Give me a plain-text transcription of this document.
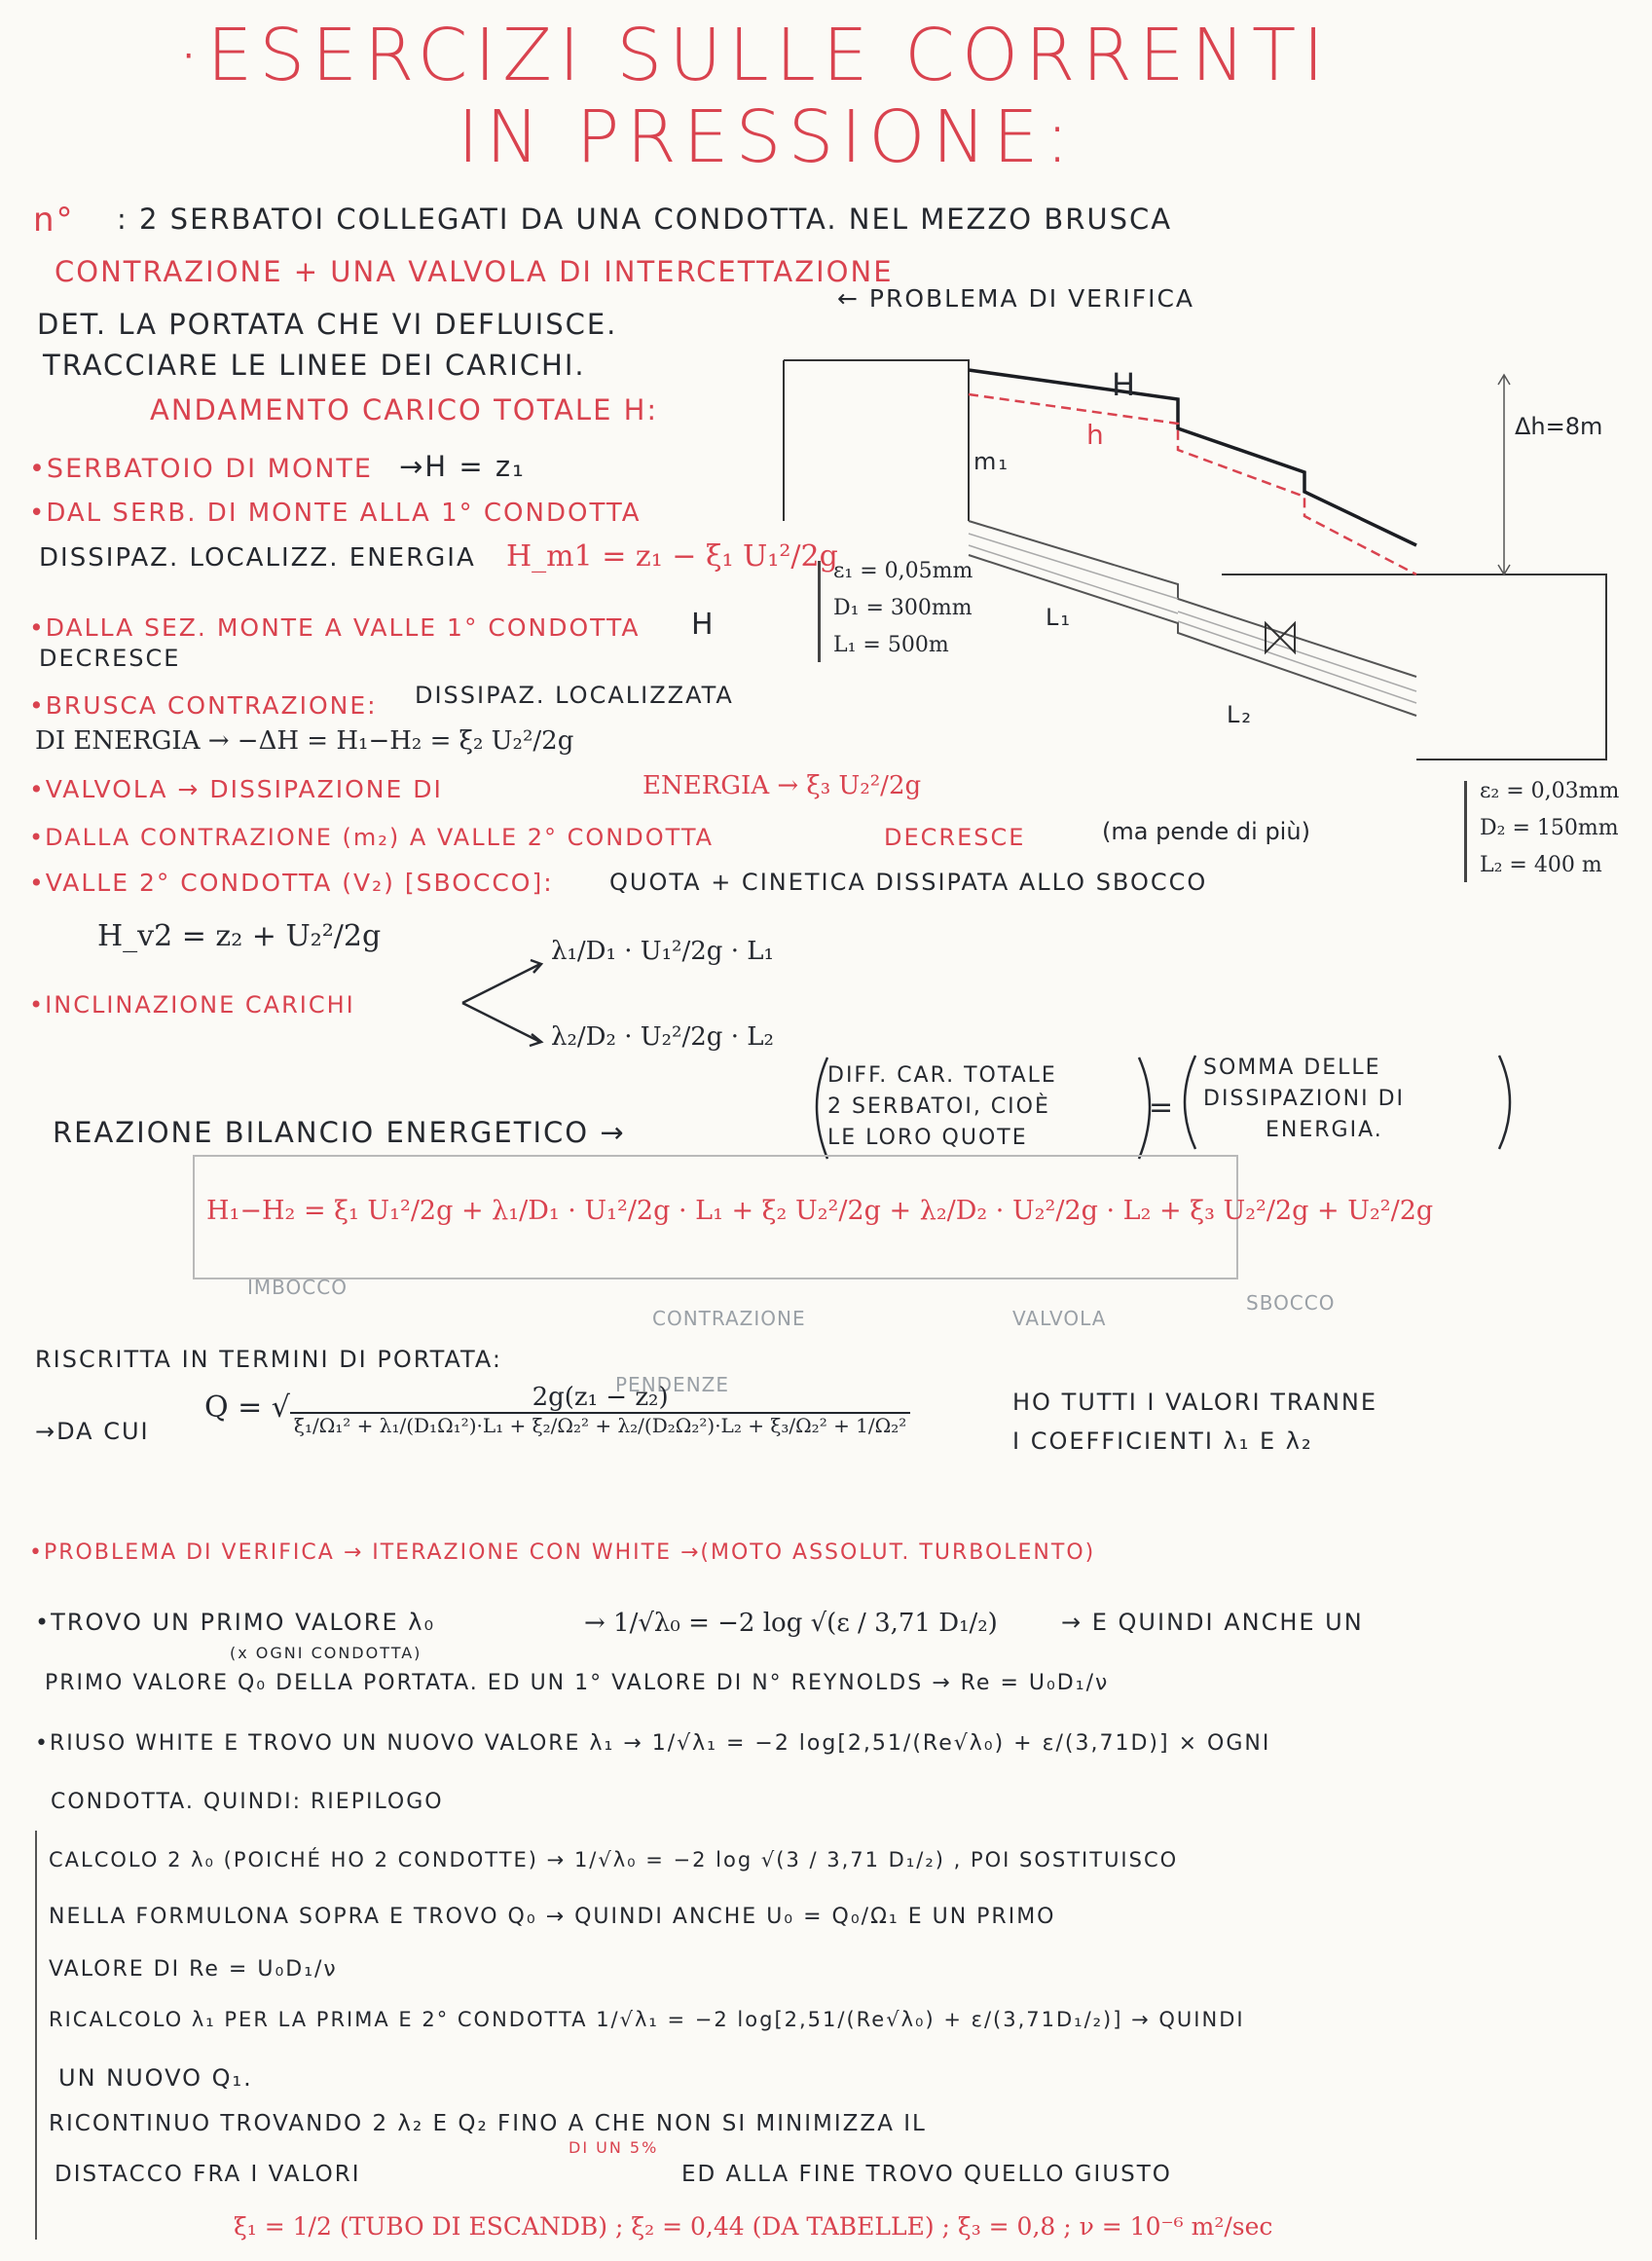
·ESERCIZI SULLE CORRENTI
IN PRESSIONE:
n° : 2 SERBATOI COLLEGATI DA UNA CONDOTTA. NEL MEZZO BRUSCA
CONTRAZIONE + UNA VALVOLA DI INTERCETTAZIONE
DET. LA PORTATA CHE VI DEFLUISCE.
← PROBLEMA DI VERIFICA
TRACCIARE LE LINEE DEI CARICHI.
ANDAMENTO CARICO TOTALE H:
•SERBATOIO DI MONTE →H = z₁
•DAL SERB. DI MONTE ALLA 1° CONDOTTA
DISSIPAZ. LOCALIZZ. ENERGIA H_m1 = z₁ − ξ₁ U₁²/2g
•DALLA SEZ. MONTE A VALLE 1° CONDOTTA H
DECRESCE
•BRUSCA CONTRAZIONE: DISSIPAZ. LOCALIZZATA
DI ENERGIA → −ΔH = H₁−H₂ = ξ₂ U₂²/2g
•VALVOLA → DISSIPAZIONE DI	ENERGIA → ξ₃ U₂²/2g
•DALLA CONTRAZIONE (m₂) A VALLE 2° CONDOTTA	DECRESCE	(ma pende di più)
•VALLE 2° CONDOTTA (V₂) [SBOCCO]: QUOTA + CINETICA DISSIPATA ALLO SBOCCO
H_v2 = z₂ + U₂²/2g
•INCLINAZIONE CARICHI
λ₁/D₁ · U₁²/2g · L₁
λ₂/D₂ · U₂²/2g · L₂
H
h	Δh=8m
m₁
L₁
L₂
ε₁ = 0,05mm
D₁ = 300mm
L₁ = 500m
ε₂ = 0,03mm
D₂ = 150mm
L₂ = 400 m
REAZIONE BILANCIO ENERGETICO →
DIFF. CAR. TOTALE
2 SERBATOI, CIOÈ
LE LORO QUOTE
=
SOMMA DELLE
DISSIPAZIONI DI
ENERGIA.
H₁−H₂ = ξ₁ U₁²/2g + λ₁/D₁ · U₁²/2g · L₁ + ξ₂ U₂²/2g + λ₂/D₂ · U₂²/2g · L₂ + ξ₃ U₂²/2g + U₂²/2g
IMBOCCO
CONTRAZIONE	VALVOLA
SBOCCO
PENDENZE
RISCRITTA IN TERMINI DI PORTATA:
→DA CUI
Q = √	2g(z₁ − z₂)
ξ₁/Ω₁² + λ₁/(D₁Ω₁²)·L₁ + ξ₂/Ω₂² + λ₂/(D₂Ω₂²)·L₂ + ξ₃/Ω₂² + 1/Ω₂²
HO TUTTI I VALORI TRANNE
I COEFFICIENTI λ₁ E λ₂
•PROBLEMA DI VERIFICA → ITERAZIONE CON WHITE →(MOTO ASSOLUT. TURBOLENTO)
•TROVO UN PRIMO VALORE λ₀
(x OGNI CONDOTTA)
→ 1/√λ₀ = −2 log √(ε / 3,71 D₁/₂)	→ E QUINDI ANCHE UN
PRIMO VALORE Q₀ DELLA PORTATA. ED UN 1° VALORE DI N° REYNOLDS → Re = U₀D₁/ν
•RIUSO WHITE E TROVO UN NUOVO VALORE λ₁ → 1/√λ₁ = −2 log[2,51/(Re√λ₀) + ε/(3,71D)] × OGNI
CONDOTTA. QUINDI: RIEPILOGO
CALCOLO 2 λ₀ (POICHÉ HO 2 CONDOTTE) → 1/√λ₀ = −2 log √(3 / 3,71 D₁/₂) , POI SOSTITUISCO
NELLA FORMULONA SOPRA E TROVO Q₀ → QUINDI ANCHE U₀ = Q₀/Ω₁ E UN PRIMO
VALORE DI Re = U₀D₁/ν
RICALCOLO λ₁ PER LA PRIMA E 2° CONDOTTA 1/√λ₁ = −2 log[2,51/(Re√λ₀) + ε/(3,71D₁/₂)] → QUINDI
UN NUOVO Q₁.
RICONTINUO TROVANDO 2 λ₂ E Q₂ FINO A CHE NON SI MINIMIZZA IL
DISTACCO FRA I VALORI
DI UN 5%
ED ALLA FINE TROVO QUELLO GIUSTO
ξ₁ = 1/2 (TUBO DI ESCANDB) ; ξ₂ = 0,44 (DA TABELLE) ; ξ₃ = 0,8 ; ν = 10⁻⁶ m²/sec
